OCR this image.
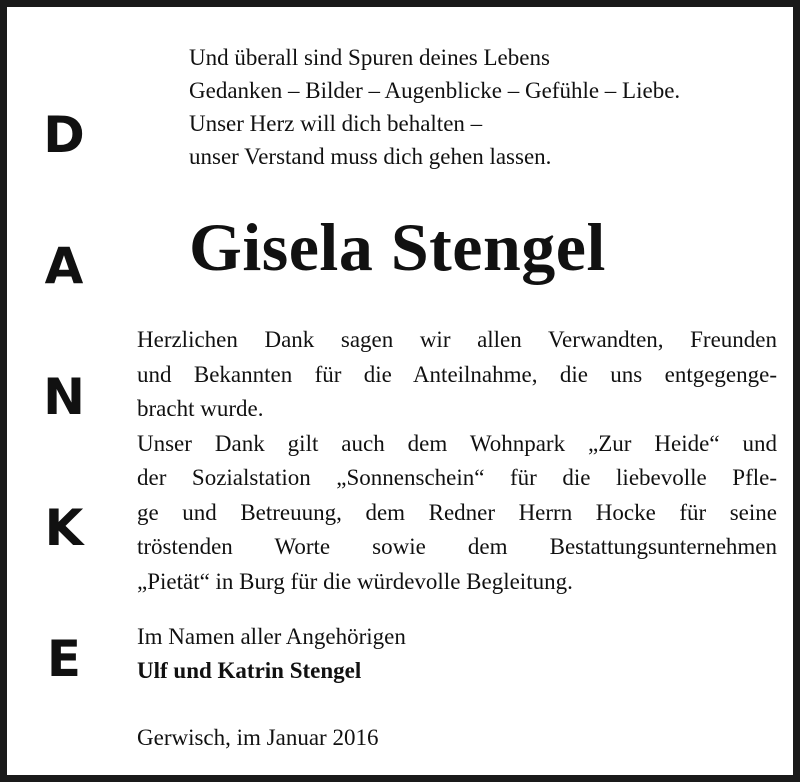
D
A
N
K
E
Und überall sind Spuren deines Lebens
Gedanken – Bilder – Augenblicke – Gefühle – Liebe.
Unser Herz will dich behalten –
unser Verstand muss dich gehen lassen.
Gisela Stengel
Herzlichen Dank sagen wir allen Verwandten, Freunden
und Bekannten für die Anteilnahme, die uns entgegenge-
bracht wurde.
Unser Dank gilt auch dem Wohnpark „Zur Heide“ und
der Sozialstation „Sonnenschein“ für die liebevolle Pfle-
ge und Betreuung, dem Redner Herrn Hocke für seine
tröstenden Worte sowie dem Bestattungsunternehmen
„Pietät“ in Burg für die würdevolle Begleitung.
Im Namen aller Angehörigen
Ulf und Katrin Stengel
Gerwisch, im Januar 2016
